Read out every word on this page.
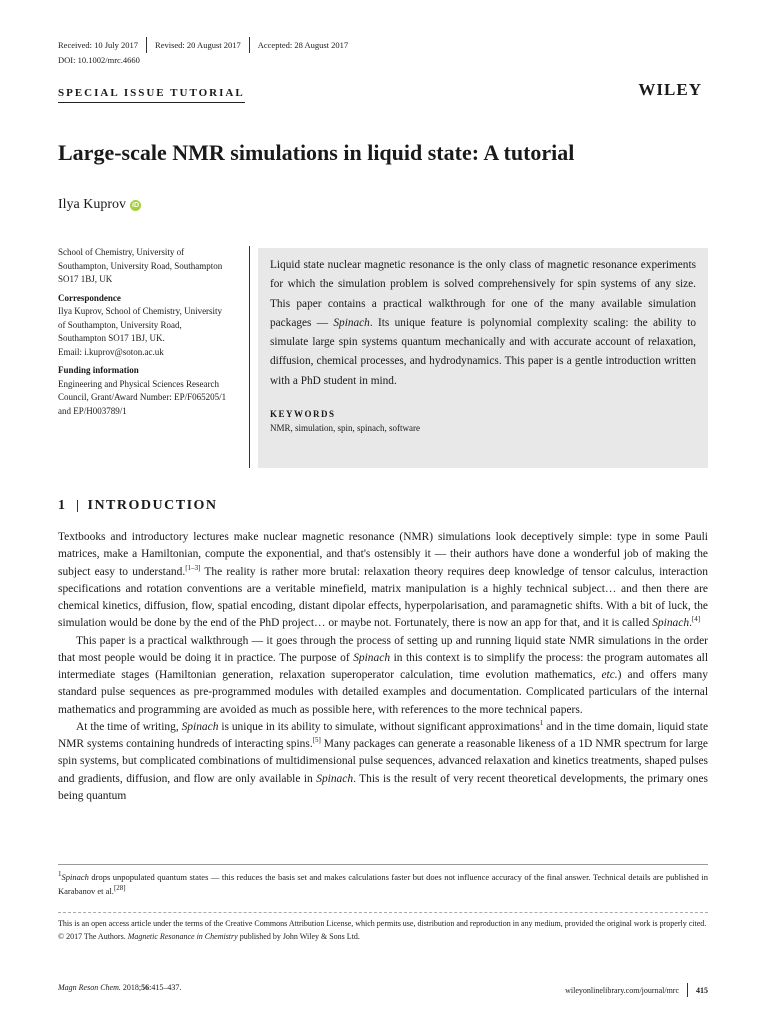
Received: 10 July 2017 Revised: 20 August 2017 Accepted: 28 August 2017
DOI: 10.1002/mrc.4660
SPECIAL ISSUE TUTORIAL	WILEY
Large-scale NMR simulations in liquid state: A tutorial
Ilya Kuprov iD
School of Chemistry, University of Southampton, University Road, Southampton SO17 1BJ, UK
Correspondence
Ilya Kuprov, School of Chemistry, University of Southampton, University Road, Southampton SO17 1BJ, UK.
Email: i.kuprov@soton.ac.uk
Funding information
Engineering and Physical Sciences Research Council, Grant/Award Number: EP/F065205/1 and EP/H003789/1

Liquid state nuclear magnetic resonance is the only class of magnetic resonance experiments for which the simulation problem is solved comprehensively for spin systems of any size. This paper contains a practical walkthrough for one of the many available simulation packages — Spinach. Its unique feature is polynomial complexity scaling: the ability to simulate large spin systems quantum mechanically and with accurate account of relaxation, diffusion, chemical processes, and hydrodynamics. This paper is a gentle introduction written with a PhD student in mind.

KEYWORDS
NMR, simulation, spin, spinach, software
1 INTRODUCTION

Textbooks and introductory lectures make nuclear magnetic resonance (NMR) simulations look deceptively simple: type in some Pauli matrices, make a Hamiltonian, compute the exponential, and that's ostensibly it — their authors have done a wonderful job of making the subject easy to understand.[1–3] The reality is rather more brutal: relaxation theory requires deep knowledge of tensor calculus, interaction specifications and rotation conventions are a veritable minefield, matrix manipulation is a highly technical subject… and then there are chemical kinetics, diffusion, flow, spatial encoding, distant dipolar effects, hyperpolarisation, and paramagnetic shifts. With a bit of luck, the simulation would be done by the end of the PhD project… or maybe not. Fortunately, there is now an app for that, and it is called Spinach.[4]

This paper is a practical walkthrough — it goes through the process of setting up and running liquid state NMR simulations in the order that most people would be doing it in practice. The purpose of Spinach in this context is to simplify the process: the program automates all intermediate stages (Hamiltonian generation, relaxation superoperator calculation, time evolution mathematics, etc.) and offers many standard pulse sequences as pre-programmed modules with detailed examples and documentation. Complicated particulars of the internal mathematics and programming are avoided as much as possible here, with references to the more technical papers.

At the time of writing, Spinach is unique in its ability to simulate, without significant approximations$^1$ and in the time domain, liquid state NMR systems containing hundreds of interacting spins.[5] Many packages can generate a reasonable likeness of a 1D NMR spectrum for large spin systems, but complicated combinations of multidimensional pulse sequences, advanced relaxation and kinetics treatments, shaped pulses and gradients, diffusion, and flow are only available in Spinach. This is the result of very recent theoretical developments, the primary ones being quantum

$^1$Spinach drops unpopulated quantum states — this reduces the basis set and makes calculations faster but does not influence accuracy of the final answer. Technical details are published in Karabanov et al.[28]

This is an open access article under the terms of the Creative Commons Attribution License, which permits use, distribution and reproduction in any medium, provided the original work is properly cited.

© 2017 The Authors. Magnetic Resonance in Chemistry published by John Wiley & Sons Ltd.

Magn Reson Chem. 2018;56:415–437.	wileyonlinelibrary.com/journal/mrc 415
